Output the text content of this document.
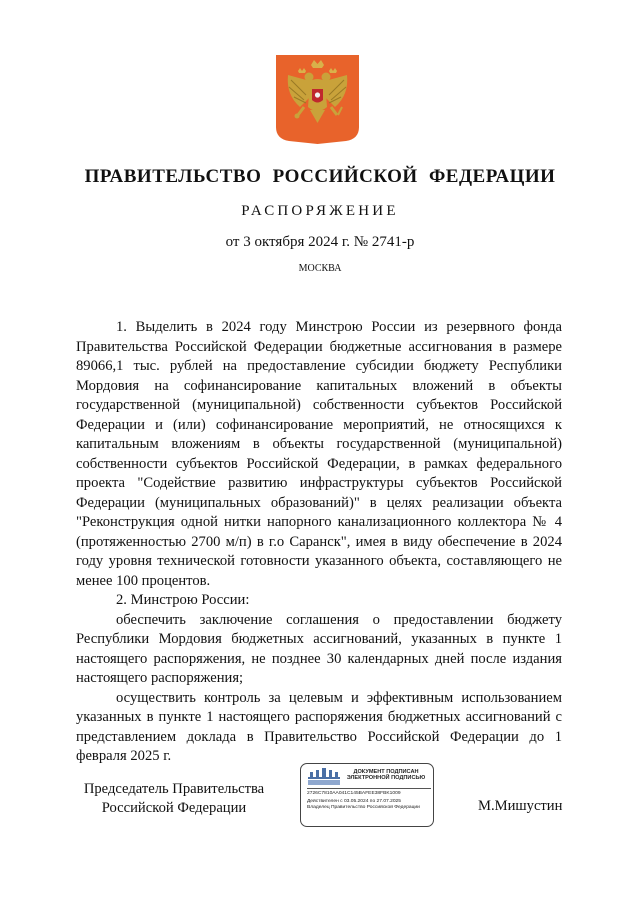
ПРАВИТЕЛЬСТВО РОССИЙСКОЙ ФЕДЕРАЦИИ
РАСПОРЯЖЕНИЕ
от 3 октября 2024 г. № 2741-р
МОСКВА

1. Выделить в 2024 году Минстрою России из резервного фонда Правительства Российской Федерации бюджетные ассигнования в размере 89066,1 тыс. рублей на предоставление субсидии бюджету Республики Мордовия на софинансирование капитальных вложений в объекты государственной (муниципальной) собственности субъектов Российской Федерации и (или) софинансирование мероприятий, не относящихся к капитальным вложениям в объекты государственной (муниципальной) собственности субъектов Российской Федерации, в рамках федерального проекта "Содействие развитию инфраструктуры субъектов Российской Федерации (муниципальных образований)" в целях реализации объекта "Реконструкция одной нитки напорного канализационного коллектора № 4 (протяженностью 2700 м/п) в г.о Саранск", имея в виду обеспечение в 2024 году уровня технической готовности указанного объекта, составляющего не менее 100 процентов.

2. Минстрою России:

обеспечить заключение соглашения о предоставлении бюджету Республики Мордовия бюджетных ассигнований, указанных в пункте 1 настоящего распоряжения, не позднее 30 календарных дней после издания настоящего распоряжения;

осуществить контроль за целевым и эффективным использованием указанных в пункте 1 настоящего распоряжения бюджетных ассигнований с представлением доклада в Правительство Российской Федерации до 1 февраля 2025 г.

Председатель Правительства
Российской Федерации
ДОКУМЕНТ ПОДПИСАН
ЭЛЕКТРОННОЙ ПОДПИСЬЮ
2726C7810AA041C145BAFEE38FBK1009
Действителен с 03.05.2024 по 27.07.2025
Владелец Правительство Российской Федерации	М.Мишустин
